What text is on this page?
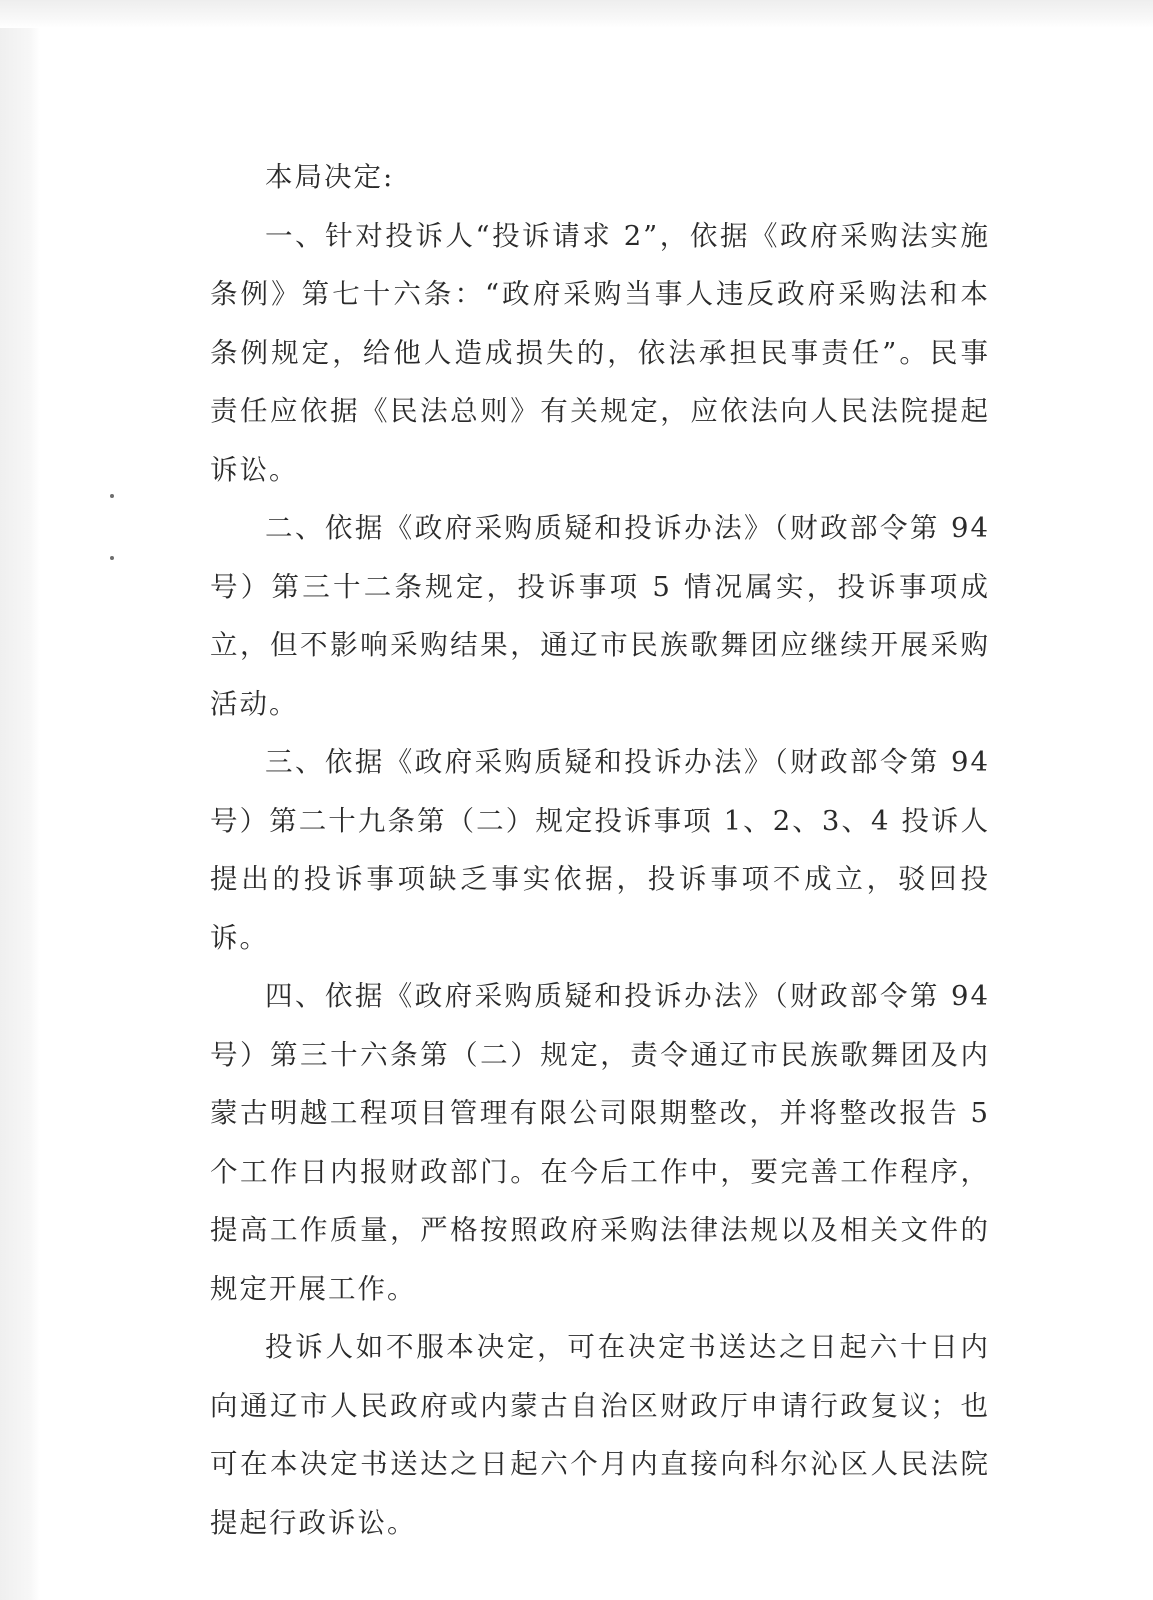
本局决定:

一、针对投诉人“投诉请求 2”，依据《政府采购法实施条例》第七十六条：“政府采购当事人违反政府采购法和本条例规定，给他人造成损失的，依法承担民事责任”。民事责任应依据《民法总则》有关规定，应依法向人民法院提起诉讼。

二、依据《政府采购质疑和投诉办法》（财政部令第 94 号）第三十二条规定，投诉事项 5 情况属实，投诉事项成立，但不影响采购结果，通辽市民族歌舞团应继续开展采购活动。

三、依据《政府采购质疑和投诉办法》（财政部令第 94 号）第二十九条第（二）规定投诉事项 1、2、3、4 投诉人提出的投诉事项缺乏事实依据，投诉事项不成立，驳回投诉。

四、依据《政府采购质疑和投诉办法》（财政部令第 94 号）第三十六条第（二）规定，责令通辽市民族歌舞团及内蒙古明越工程项目管理有限公司限期整改，并将整改报告 5 个工作日内报财政部门。在今后工作中，要完善工作程序，提高工作质量，严格按照政府采购法律法规以及相关文件的规定开展工作。

投诉人如不服本决定，可在决定书送达之日起六十日内向通辽市人民政府或内蒙古自治区财政厅申请行政复议；也可在本决定书送达之日起六个月内直接向科尔沁区人民法院提起行政诉讼。
